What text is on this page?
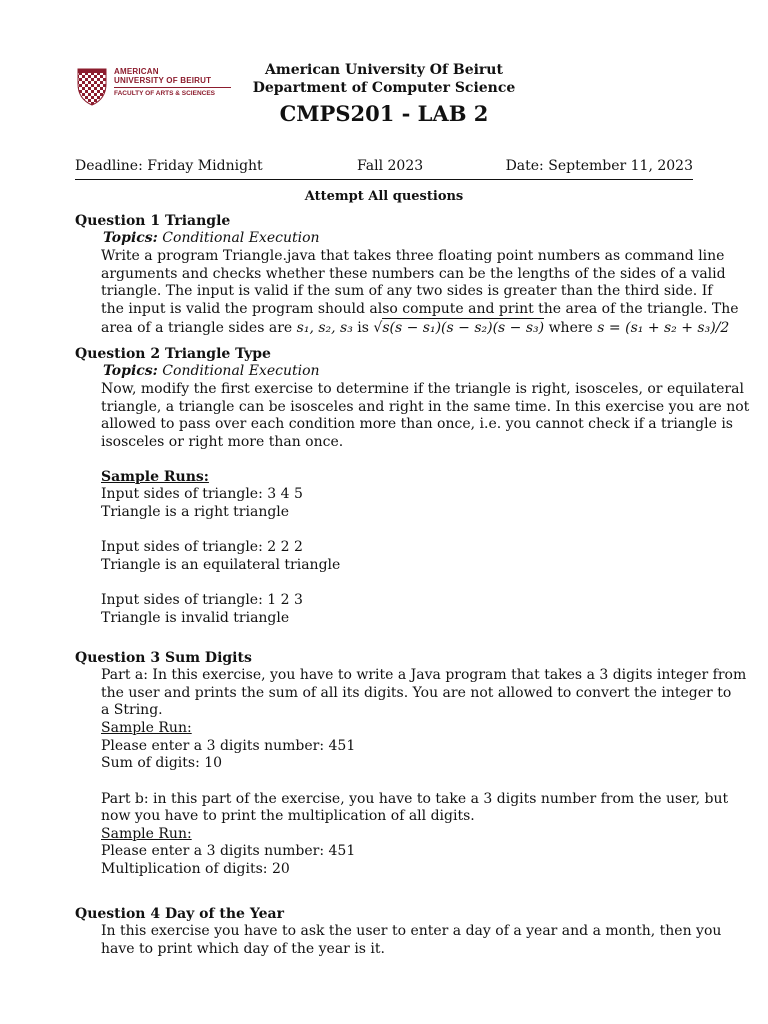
AMERICAN
UNIVERSITY OF BEIRUT
FACULTY OF ARTS & SCIENCES
American University Of Beirut
Department of Computer Science
CMPS201 - LAB 2
Deadline: Friday Midnight	Fall 2023	Date: September 11, 2023
Attempt All questions
Question 1 Triangle
Topics: Conditional Execution
Write a program Triangle.java that takes three floating point numbers as command line
arguments and checks whether these numbers can be the lengths of the sides of a valid
triangle. The input is valid if the sum of any two sides is greater than the third side. If
the input is valid the program should also compute and print the area of the triangle. The
area of a triangle sides are s₁, s₂, s₃ is √s(s − s₁)(s − s₂)(s − s₃) where s = (s₁ + s₂ + s₃)/2
Question 2 Triangle Type
Topics: Conditional Execution
Now, modify the first exercise to determine if the triangle is right, isosceles, or equilateral
triangle, a triangle can be isosceles and right in the same time. In this exercise you are not
allowed to pass over each condition more than once, i.e. you cannot check if a triangle is
isosceles or right more than once.
Sample Runs:
Input sides of triangle: 3 4 5
Triangle is a right triangle
Input sides of triangle: 2 2 2
Triangle is an equilateral triangle
Input sides of triangle: 1 2 3
Triangle is invalid triangle
Question 3 Sum Digits
Part a: In this exercise, you have to write a Java program that takes a 3 digits integer from
the user and prints the sum of all its digits. You are not allowed to convert the integer to
a String.
Sample Run:
Please enter a 3 digits number: 451
Sum of digits: 10
Part b: in this part of the exercise, you have to take a 3 digits number from the user, but
now you have to print the multiplication of all digits.
Sample Run:
Please enter a 3 digits number: 451
Multiplication of digits: 20
Question 4 Day of the Year
In this exercise you have to ask the user to enter a day of a year and a month, then you
have to print which day of the year is it.
